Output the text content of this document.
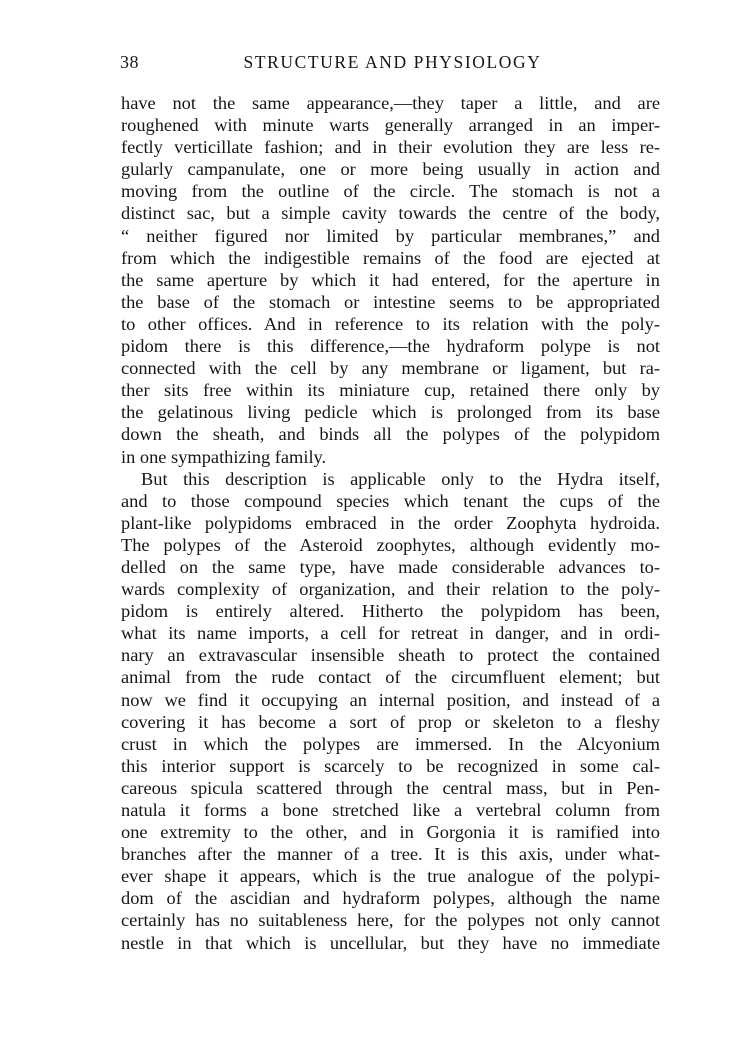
38	STRUCTURE AND PHYSIOLOGY
have not the same appearance,—they taper a little, and are
roughened with minute warts generally arranged in an imper-
fectly verticillate fashion; and in their evolution they are less re-
gularly campanulate, one or more being usually in action and
moving from the outline of the circle. The stomach is not a
distinct sac, but a simple cavity towards the centre of the body,
“ neither figured nor limited by particular membranes,” and
from which the indigestible remains of the food are ejected at
the same aperture by which it had entered, for the aperture in
the base of the stomach or intestine seems to be appropriated
to other offices. And in reference to its relation with the poly-
pidom there is this difference,—the hydraform polype is not
connected with the cell by any membrane or ligament, but ra-
ther sits free within its miniature cup, retained there only by
the gelatinous living pedicle which is prolonged from its base
down the sheath, and binds all the polypes of the polypidom
in one sympathizing family.
But this description is applicable only to the Hydra itself,
and to those compound species which tenant the cups of the
plant-like polypidoms embraced in the order Zoophyta hydroida.
The polypes of the Asteroid zoophytes, although evidently mo-
delled on the same type, have made considerable advances to-
wards complexity of organization, and their relation to the poly-
pidom is entirely altered. Hitherto the polypidom has been,
what its name imports, a cell for retreat in danger, and in ordi-
nary an extravascular insensible sheath to protect the contained
animal from the rude contact of the circumfluent element; but
now we find it occupying an internal position, and instead of a
covering it has become a sort of prop or skeleton to a fleshy
crust in which the polypes are immersed. In the Alcyonium
this interior support is scarcely to be recognized in some cal-
careous spicula scattered through the central mass, but in Pen-
natula it forms a bone stretched like a vertebral column from
one extremity to the other, and in Gorgonia it is ramified into
branches after the manner of a tree. It is this axis, under what-
ever shape it appears, which is the true analogue of the polypi-
dom of the ascidian and hydraform polypes, although the name
certainly has no suitableness here, for the polypes not only cannot
nestle in that which is uncellular, but they have no immediate
